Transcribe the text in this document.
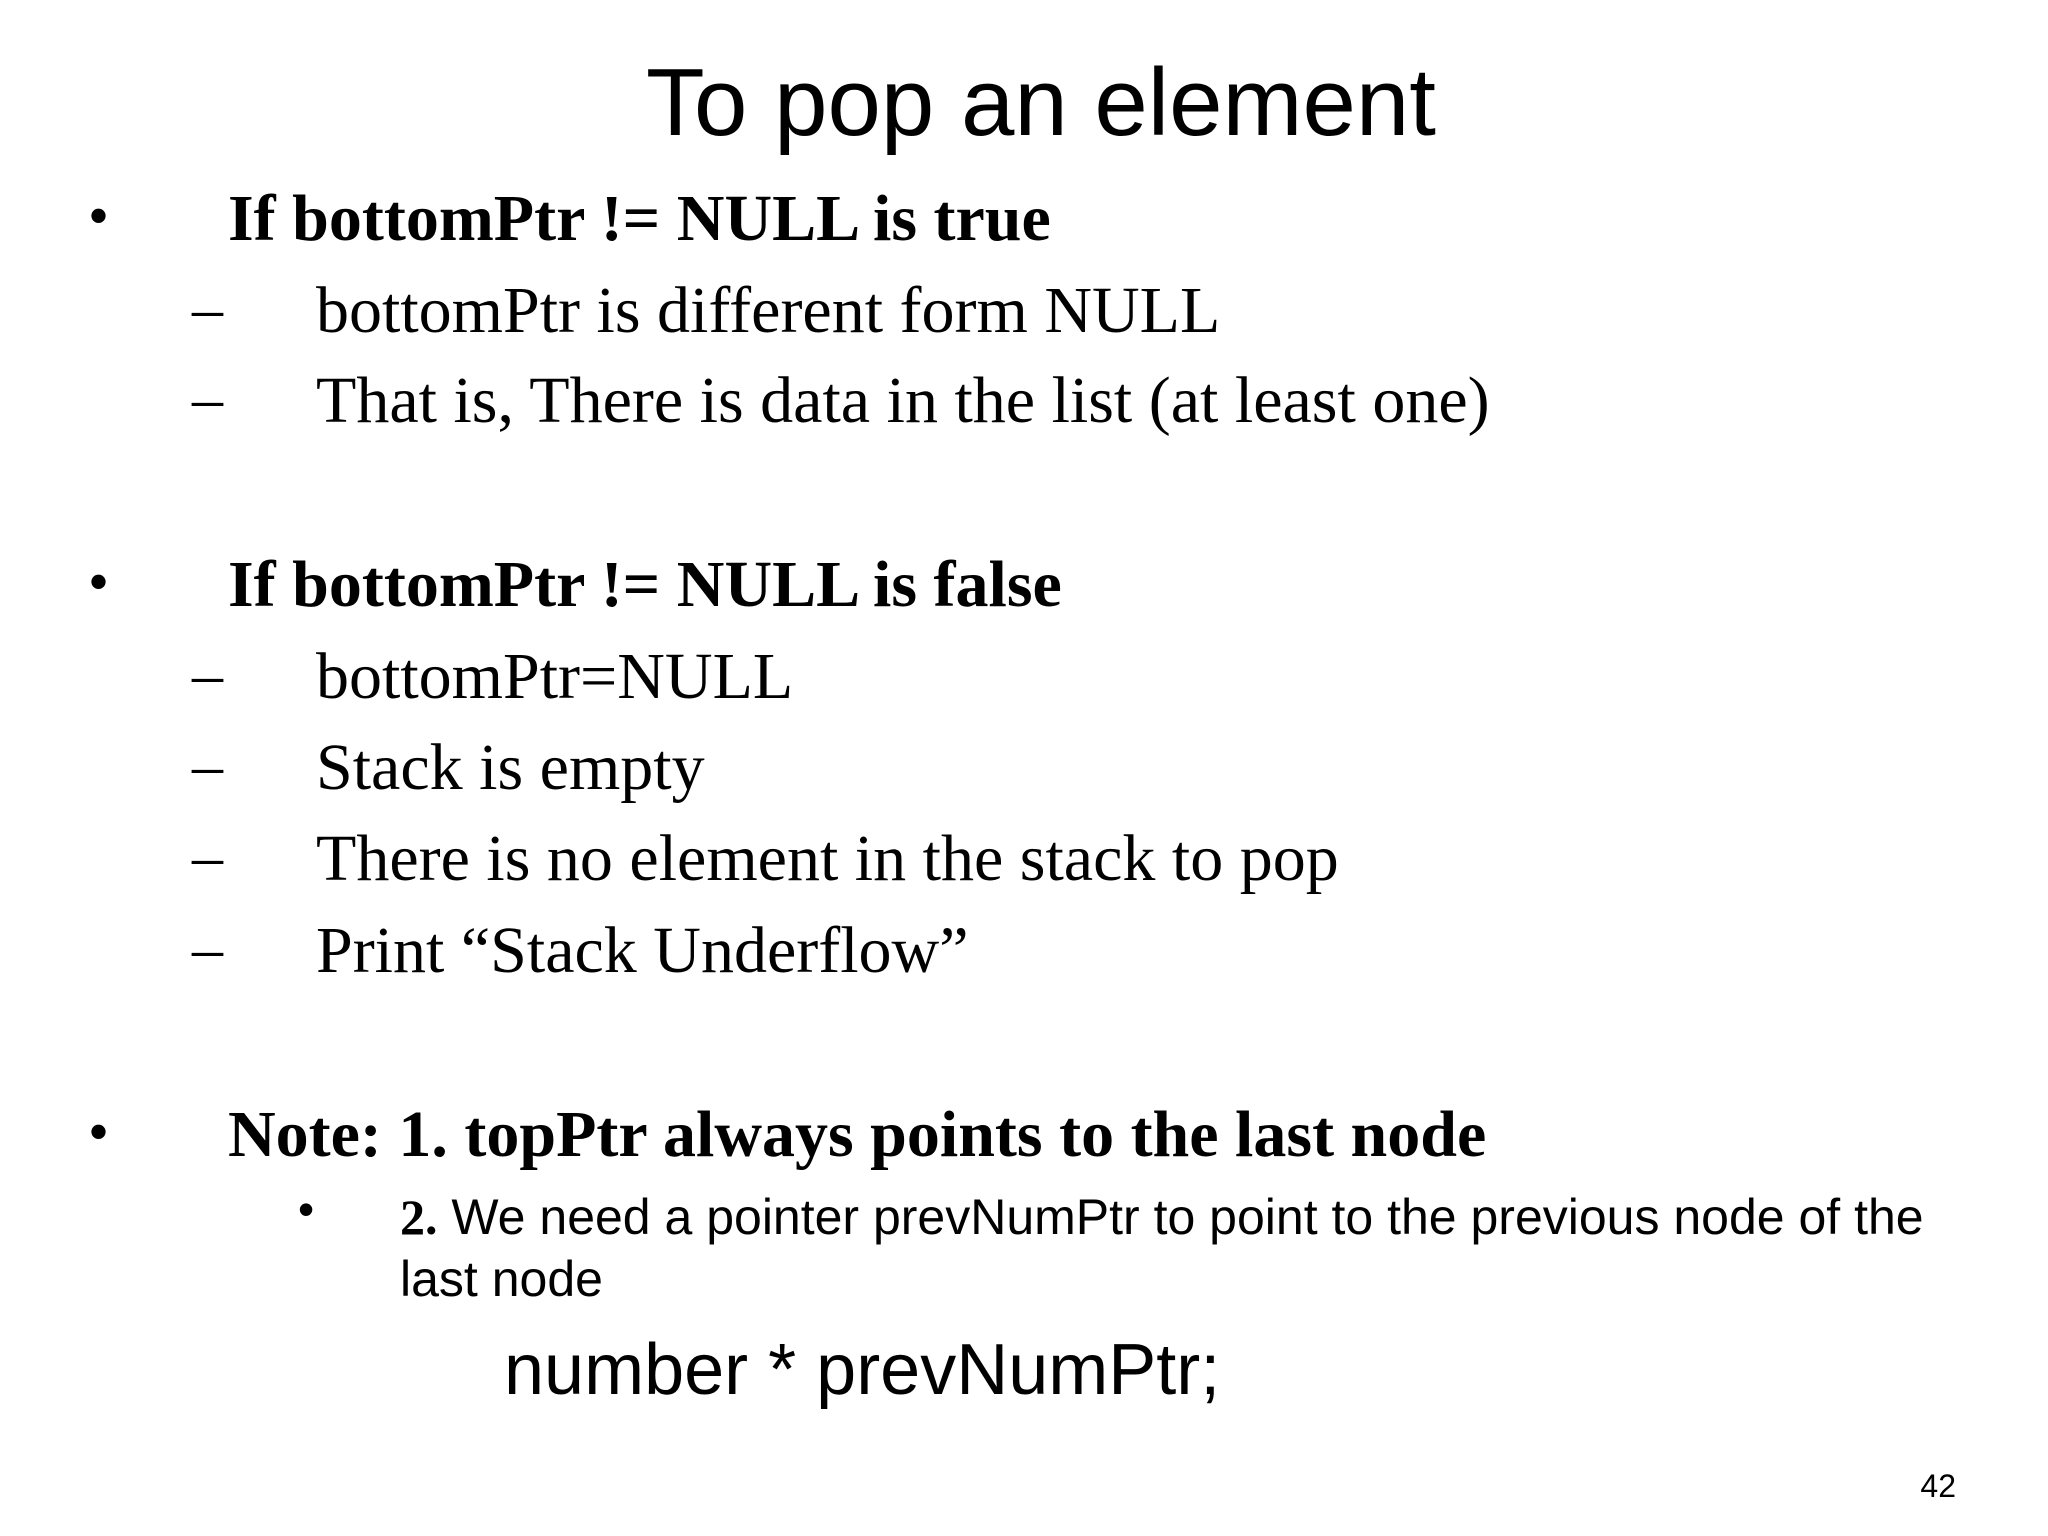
To pop an element
• If bottomPtr != NULL is true
– bottomPtr is different form NULL
– That is, There is data in the list (at least one)
• If bottomPtr != NULL is false
– bottomPtr=NULL
– Stack is empty
– There is no element in the stack to pop
– Print “Stack Underflow”
• Note: 1. topPtr always points to the last node
• 2. We need a pointer prevNumPtr to point to the previous node of the last node
number * prevNumPtr;
42
